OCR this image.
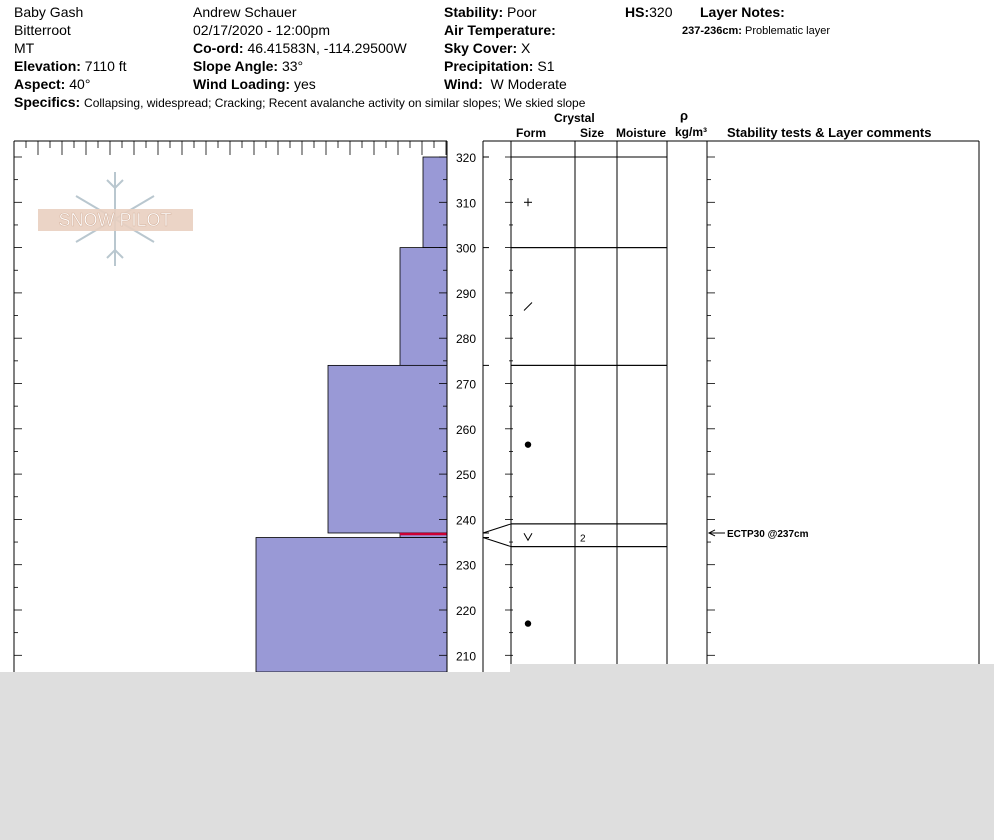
Baby Gash
Bitterroot
MT
Elevation: 7110 ft
Aspect: 40°
Andrew Schauer
02/17/2020 - 12:00pm
Co-ord: 46.41583N, -114.29500W
Slope Angle: 33°
Wind Loading: yes
Stability: Poor
Air Temperature:
Sky Cover: X
Precipitation: S1
Wind: W Moderate
HS:320 Layer Notes:
237-236cm: Problematic layer
Specifics: Collapsing, widespread; Cracking; Recent avalanche activity on similar slopes; We skied slope
Crystal
Form	Size Moisture
ρ
kg/m³ Stability tests & Layer comments
SNOW PILOT
320
310
300
290
280
270
260
250
240
230
220
210
2	ECTP30 @237cm
